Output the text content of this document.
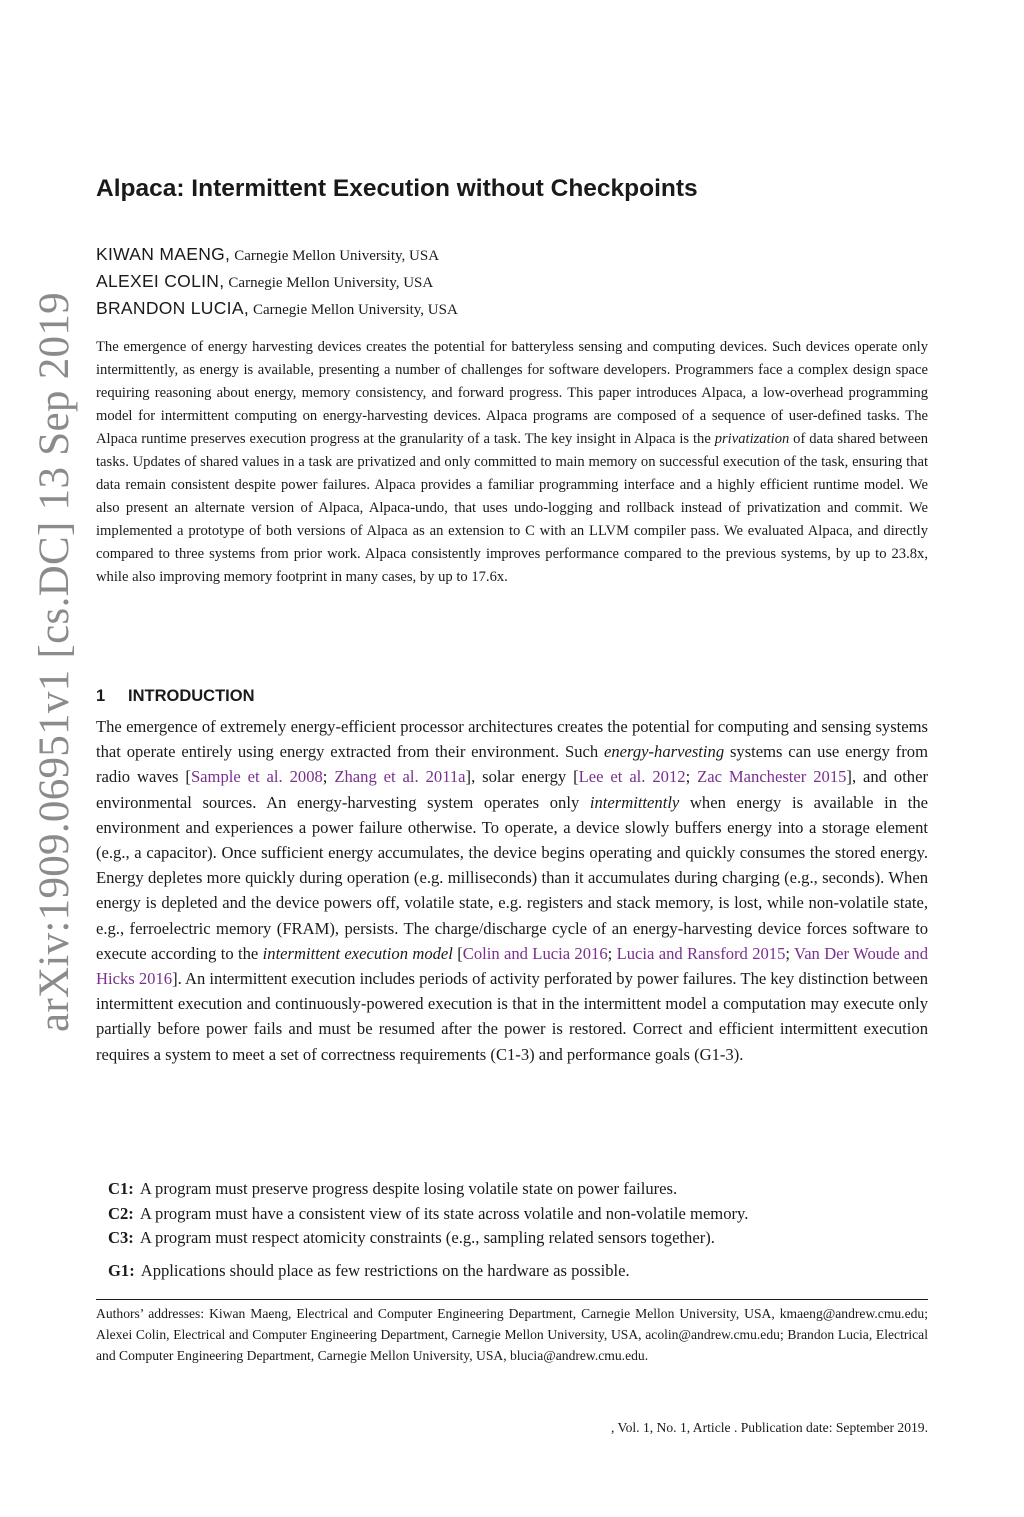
arXiv:1909.06951v1 [cs.DC] 13 Sep 2019
Alpaca: Intermittent Execution without Checkpoints
KIWAN MAENG, Carnegie Mellon University, USA
ALEXEI COLIN, Carnegie Mellon University, USA
BRANDON LUCIA, Carnegie Mellon University, USA

The emergence of energy harvesting devices creates the potential for batteryless sensing and computing devices. Such devices operate only intermittently, as energy is available, presenting a number of challenges for software developers. Programmers face a complex design space requiring reasoning about energy, memory consistency, and forward progress. This paper introduces Alpaca, a low-overhead programming model for intermittent computing on energy-harvesting devices. Alpaca programs are composed of a sequence of user-defined tasks. The Alpaca runtime preserves execution progress at the granularity of a task. The key insight in Alpaca is the privatization of data shared between tasks. Updates of shared values in a task are privatized and only committed to main memory on successful execution of the task, ensuring that data remain consistent despite power failures. Alpaca provides a familiar programming interface and a highly efficient runtime model. We also present an alternate version of Alpaca, Alpaca-undo, that uses undo-logging and rollback instead of privatization and commit. We implemented a prototype of both versions of Alpaca as an extension to C with an LLVM compiler pass. We evaluated Alpaca, and directly compared to three systems from prior work. Alpaca consistently improves performance compared to the previous systems, by up to 23.8x, while also improving memory footprint in many cases, by up to 17.6x.

1 INTRODUCTION

The emergence of extremely energy-efficient processor architectures creates the potential for computing and sensing systems that operate entirely using energy extracted from their environment. Such energy-harvesting systems can use energy from radio waves [Sample et al. 2008; Zhang et al. 2011a], solar energy [Lee et al. 2012; Zac Manchester 2015], and other environmental sources. An energy-harvesting system operates only intermittently when energy is available in the environment and experiences a power failure otherwise. To operate, a device slowly buffers energy into a storage element (e.g., a capacitor). Once sufficient energy accumulates, the device begins operating and quickly consumes the stored energy. Energy depletes more quickly during operation (e.g. milliseconds) than it accumulates during charging (e.g., seconds). When energy is depleted and the device powers off, volatile state, e.g. registers and stack memory, is lost, while non-volatile state, e.g., ferroelectric memory (FRAM), persists. The charge/discharge cycle of an energy-harvesting device forces software to execute according to the intermittent execution model [Colin and Lucia 2016; Lucia and Ransford 2015; Van Der Woude and Hicks 2016]. An intermittent execution includes periods of activity perforated by power failures. The key distinction between intermittent execution and continuously-powered execution is that in the intermittent model a computation may execute only partially before power fails and must be resumed after the power is restored. Correct and efficient intermittent execution requires a system to meet a set of correctness requirements (C1-3) and performance goals (G1-3).

C1: A program must preserve progress despite losing volatile state on power failures.
C2: A program must have a consistent view of its state across volatile and non-volatile memory.
C3: A program must respect atomicity constraints (e.g., sampling related sensors together).
G1: Applications should place as few restrictions on the hardware as possible.

Authors’ addresses: Kiwan Maeng, Electrical and Computer Engineering Department, Carnegie Mellon University, USA, kmaeng@andrew.cmu.edu; Alexei Colin, Electrical and Computer Engineering Department, Carnegie Mellon University, USA, acolin@andrew.cmu.edu; Brandon Lucia, Electrical and Computer Engineering Department, Carnegie Mellon University, USA, blucia@andrew.cmu.edu.

, Vol. 1, No. 1, Article . Publication date: September 2019.
